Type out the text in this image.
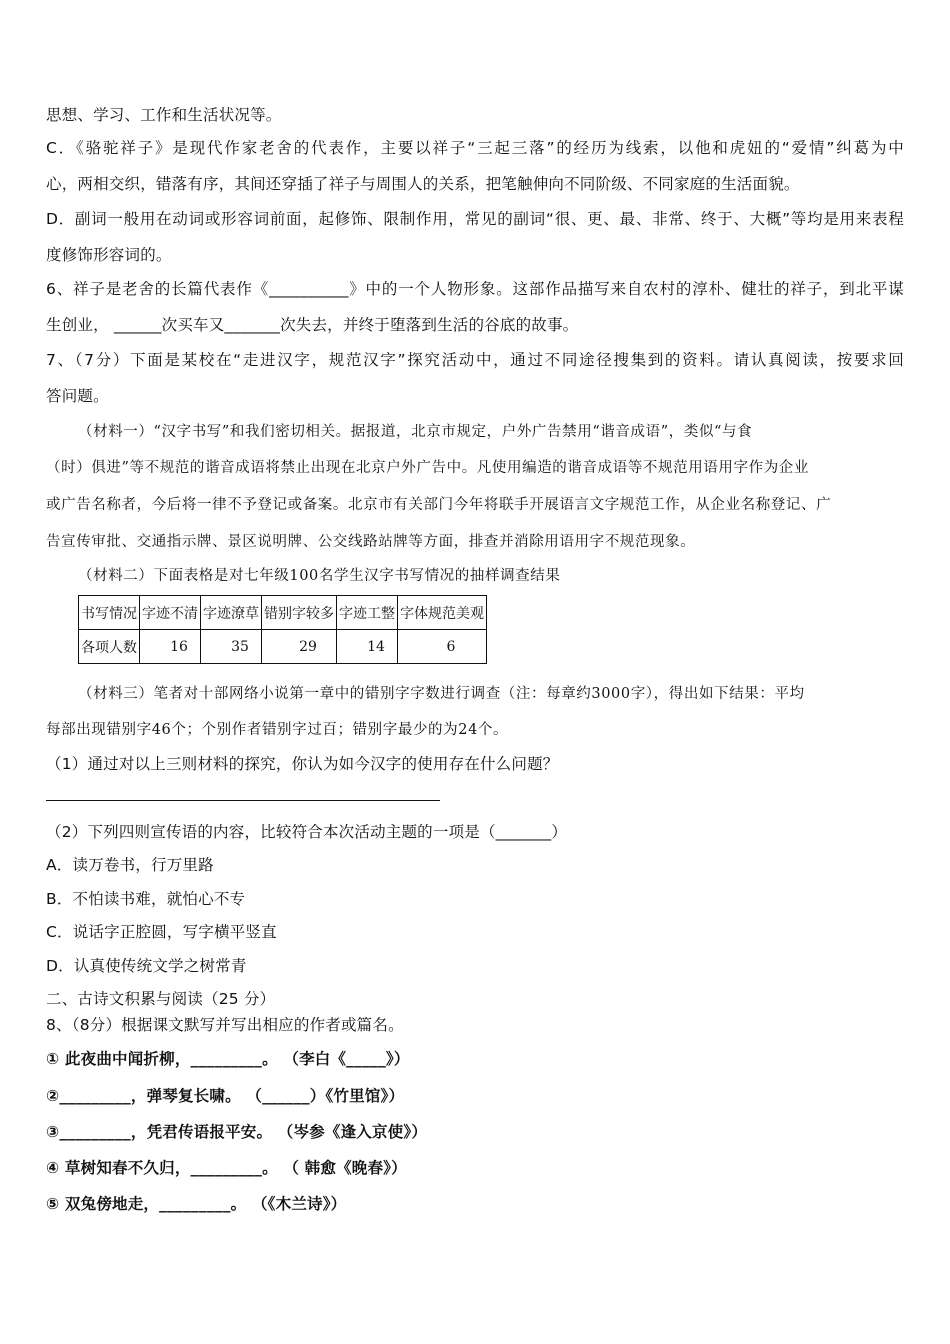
思想、学习、工作和生活状况等。
C．《骆驼祥子》是现代作家老舍的代表作，主要以祥子“三起三落”的经历为线索，以他和虎妞的“爱情”纠葛为中
心，两相交织，错落有序，其间还穿插了祥子与周围人的关系，把笔触伸向不同阶级、不同家庭的生活面貌。
D．副词一般用在动词或形容词前面，起修饰、限制作用，常见的副词“很、更、最、非常、终于、大概”等均是用来表程
度修饰形容词的。
6、祥子是老舍的长篇代表作《__________》中的一个人物形象。这部作品描写来自农村的淳朴、健壮的祥子，到北平谋
生创业， ______次买车又_______次失去，并终于堕落到生活的谷底的故事。
7、（7分）下面是某校在“走进汉字，规范汉字”探究活动中，通过不同途径搜集到的资料。请认真阅读，按要求回
答问题。
（材料一）“汉字书写”和我们密切相关。据报道，北京市规定，户外广告禁用“谐音成语”，类似“与食
（时）俱进”等不规范的谐音成语将禁止出现在北京户外广告中。凡使用编造的谐音成语等不规范用语用字作为企业
或广告名称者，今后将一律不予登记或备案。北京市有关部门今年将联手开展语言文字规范工作，从企业名称登记、广
告宣传审批、交通指示牌、景区说明牌、公交线路站牌等方面，排查并消除用语用字不规范现象。
（材料二）下面表格是对七年级100名学生汉字书写情况的抽样调查结果
书写情况	字迹不清	字迹潦草	错别字较多	字迹工整	字体规范美观
各项人数	16	35	29	14	6
（材料三）笔者对十部网络小说第一章中的错别字字数进行调查（注：每章约3000字），得出如下结果：平均
每部出现错别字46个；个别作者错别字过百；错别字最少的为24个。
（1）通过对以上三则材料的探究，你认为如今汉字的使用存在什么问题？
（2）下列四则宣传语的内容，比较符合本次活动主题的一项是（_______）
A．读万卷书，行万里路
B．不怕读书难，就怕心不专
C．说话字正腔圆，写字横平竖直
D．认真使传统文学之树常青
二、古诗文积累与阅读（25 分）
8、（8分）根据课文默写并写出相应的作者或篇名。
① 此夜曲中闻折柳，_________。 （李白《_____》）
②_________，弹琴复长啸。 （______）《竹里馆》）
③_________，凭君传语报平安。 （岑参《逢入京使》）
④ 草树知春不久归，_________。 （ 韩愈《晚春》）
⑤ 双兔傍地走，_________。 （《木兰诗》）
